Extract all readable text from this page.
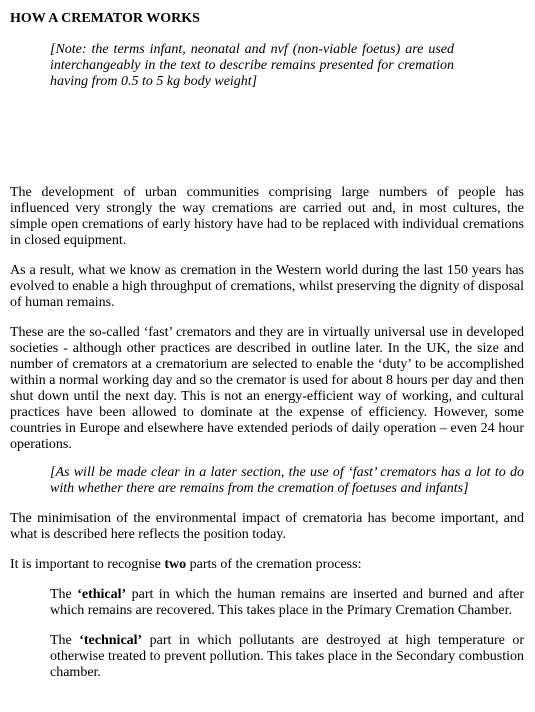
HOW A CREMATOR WORKS

[Note: the terms infant, neonatal and nvf (non-viable foetus) are used interchangeably in the text to describe remains presented for cremation having from 0.5 to 5 kg body weight]

The development of urban communities comprising large numbers of people has influenced very strongly the way cremations are carried out and, in most cultures, the simple open cremations of early history have had to be replaced with individual cremations in closed equipment.

As a result, what we know as cremation in the Western world during the last 150 years has evolved to enable a high throughput of cremations, whilst preserving the dignity of disposal of human remains.

These are the so-called ‘fast’ cremators and they are in virtually universal use in developed societies - although other practices are described in outline later. In the UK, the size and number of cremators at a crematorium are selected to enable the ‘duty’ to be accomplished within a normal working day and so the cremator is used for about 8 hours per day and then shut down until the next day. This is not an energy-efficient way of working, and cultural practices have been allowed to dominate at the expense of efficiency. However, some countries in Europe and elsewhere have extended periods of daily operation – even 24 hour operations.

[As will be made clear in a later section, the use of ‘fast’ cremators has a lot to do with whether there are remains from the cremation of foetuses and infants]

The minimisation of the environmental impact of crematoria has become important, and what is described here reflects the position today.

It is important to recognise two parts of the cremation process:

The ‘ethical’ part in which the human remains are inserted and burned and after which remains are recovered. This takes place in the Primary Cremation Chamber.

The ‘technical’ part in which pollutants are destroyed at high temperature or otherwise treated to prevent pollution. This takes place in the Secondary combustion chamber.
